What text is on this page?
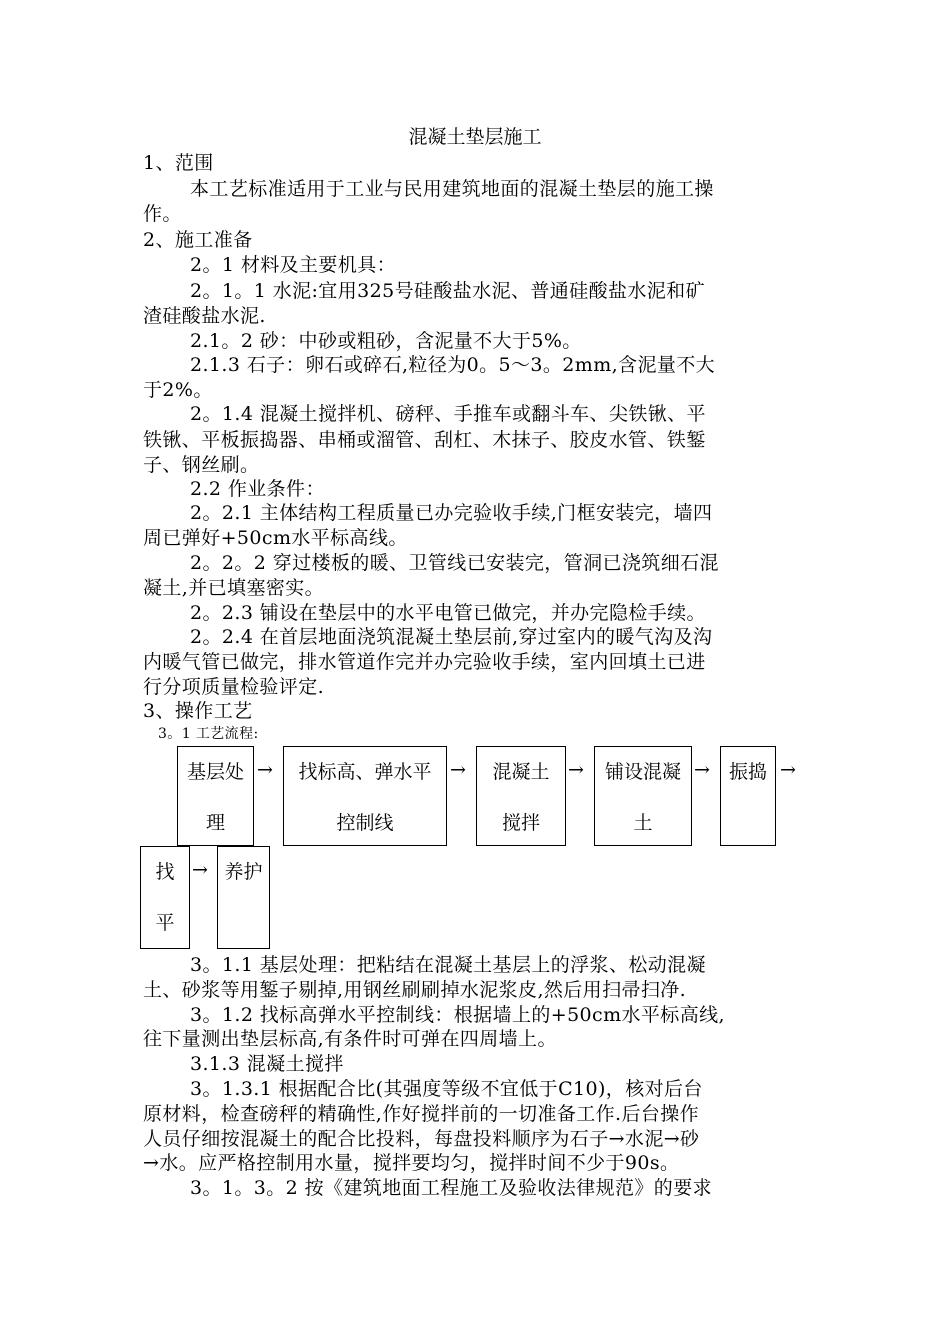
混凝土垫层施工
1、范围
本工艺标准适用于工业与民用建筑地面的混凝土垫层的施工操
作。
2、施工准备
2。1 材料及主要机具：
2。1。1 水泥:宜用325号硅酸盐水泥、普通硅酸盐水泥和矿
渣硅酸盐水泥.
2.1。2 砂：中砂或粗砂，含泥量不大于5%。
2.1.3 石子：卵石或碎石,粒径为0。5～3。2mm,含泥量不大
于2%。
2。1.4 混凝土搅拌机、磅秤、手推车或翻斗车、尖铁锹、平
铁锹、平板振捣器、串桶或溜管、刮杠、木抹子、胶皮水管、铁錾
子、钢丝刷。
2.2 作业条件：
2。2.1 主体结构工程质量已办完验收手续,门框安装完，墙四
周已弹好+50cm水平标高线。
2。2。2 穿过楼板的暖、卫管线已安装完，管洞已浇筑细石混
凝土,并已填塞密实。
2。2.3 铺设在垫层中的水平电管已做完，并办完隐检手续。
2。2.4 在首层地面浇筑混凝土垫层前,穿过室内的暖气沟及沟
内暖气管已做完，排水管道作完并办完验收手续，室内回填土已进
行分项质量检验评定.
3、操作工艺
3。1 工艺流程:
基层处
理
→	找标高、弹水平
控制线
→	混凝土
搅拌
→	铺设混凝
土
→	振捣 →
找
平
→ 养护
3。1.1 基层处理：把粘结在混凝土基层上的浮浆、松动混凝
土、砂浆等用錾子剔掉,用钢丝刷刷掉水泥浆皮,然后用扫帚扫净.
3。1.2 找标高弹水平控制线：根据墙上的+50cm水平标高线,
往下量测出垫层标高,有条件时可弹在四周墙上。
3.1.3 混凝土搅拌
3。1.3.1 根据配合比(其强度等级不宜低于C10)，核对后台
原材料，检查磅秤的精确性,作好搅拌前的一切准备工作.后台操作
人员仔细按混凝土的配合比投料，每盘投料顺序为石子→水泥→砂
→水。应严格控制用水量，搅拌要均匀，搅拌时间不少于90s。
3。1。3。2 按《建筑地面工程施工及验收法律规范》的要求
